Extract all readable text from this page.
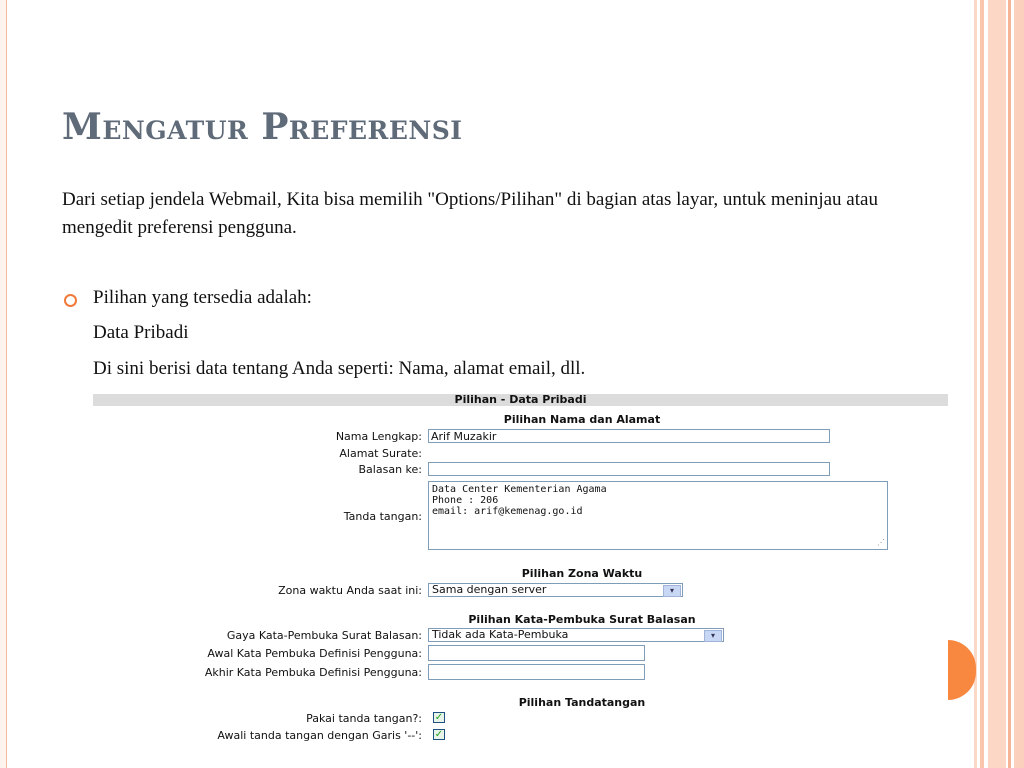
Mengatur Preferensi
Dari setiap jendela Webmail, Kita bisa memilih "Options/Pilihan" di bagian atas layar, untuk meninjau atau mengedit preferensi pengguna.
Pilihan yang tersedia adalah:
Data Pribadi
Di sini berisi data tentang Anda seperti: Nama, alamat email, dll.
Pilihan - Data Pribadi
Pilihan Nama dan Alamat
Nama Lengkap: Arif Muzakir
Alamat Surate:
Balasan ke:
Tanda tangan:
Data Center Kementerian Agama
Phone : 206
email: arif@kemenag.go.id
⋰
Pilihan Zona Waktu
Zona waktu Anda saat ini: Sama dengan server	▾
Pilihan Kata-Pembuka Surat Balasan
Gaya Kata-Pembuka Surat Balasan: Tidak ada Kata-Pembuka	▾
Awal Kata Pembuka Definisi Pengguna:
Akhir Kata Pembuka Definisi Pengguna:
Pilihan Tandatangan
Pakai tanda tangan?: ✓
Awali tanda tangan dengan Garis '--': ✓
